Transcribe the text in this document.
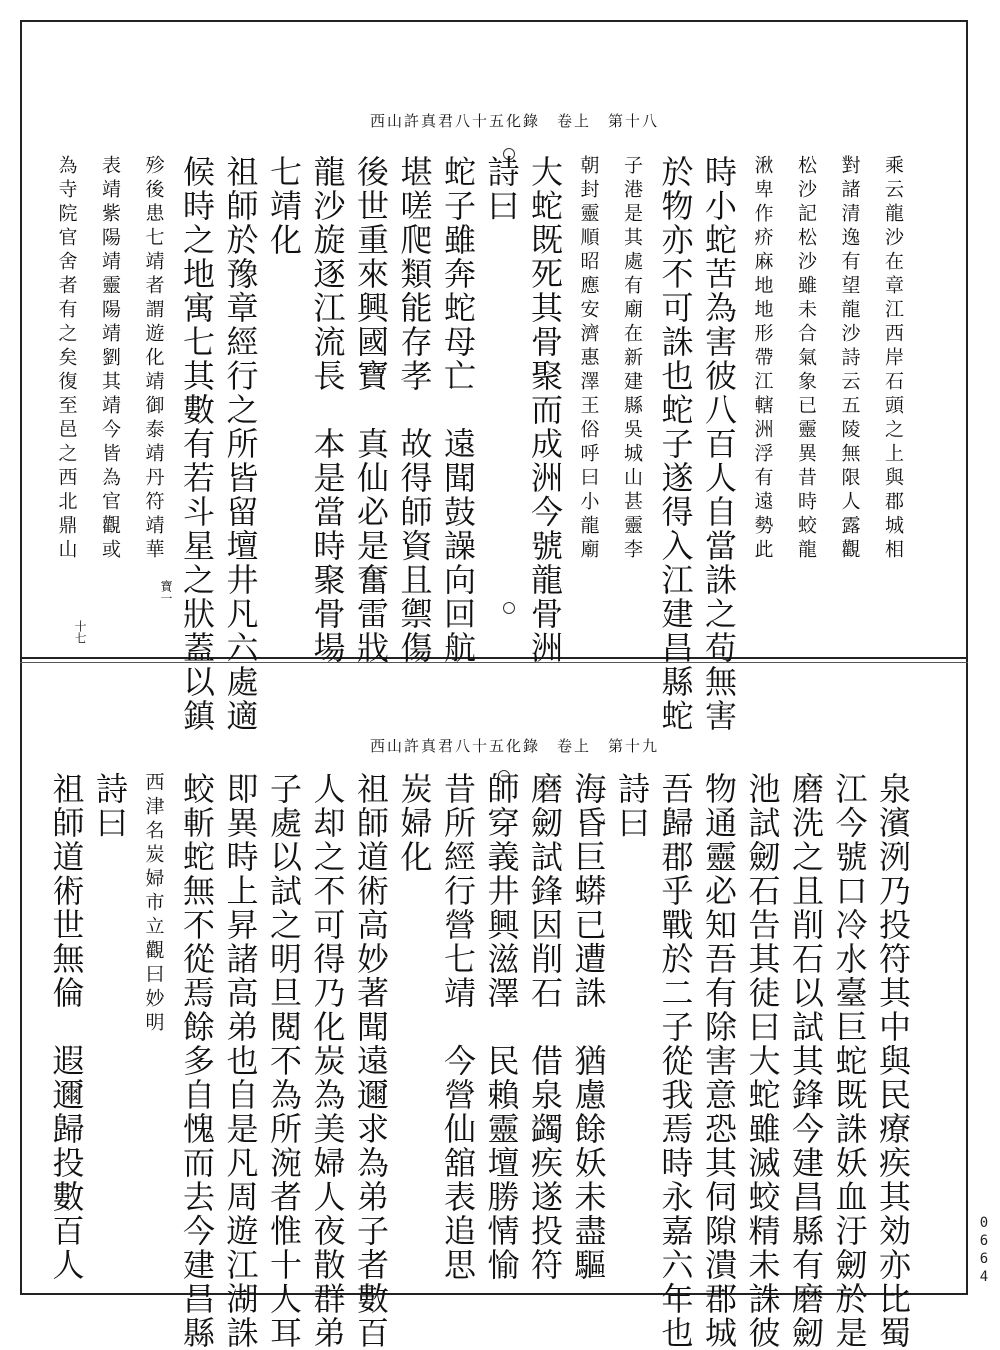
西山許真君八十五化錄　卷上　第十八
乘云龍沙在章江西岸石頭之上與郡城相
對諸清逸有望龍沙詩云五陵無限人露觀
松沙記松沙雖未合氣象已靈異昔時蛟龍
湫卑作疥麻地地形帶江轄洲浮有遠勢此
時小蛇苦為害彼八百人自當誅之苟無害
於物亦不可誅也蛇子遂得入江建昌縣蛇
子港是其處有廟在新建縣吳城山甚靈李
朝封靈順昭應安濟惠澤王俗呼曰小龍廟
大蛇既死其骨聚而成洲今號龍骨洲
詩曰
蛇子雖奔蛇母亡　遠聞鼓譟向回航
堪嗟爬類能存孝　故得師資且禦傷
後世重來興國寶　真仙必是奮雷戕
龍沙旋逐江流長　本是當時聚骨場
七靖化
祖師於豫章經行之所皆留壇井凡六處適
候時之地寓七其數有若斗星之狀蓋以鎮
殄後患七靖者謂遊化靖御泰靖丹符靖華
表靖紫陽靖靈陽靖劉其靖今皆為官觀或
為寺院官舍者有之矣復至邑之西北鼎山
寶一
十七
西山許真君八十五化錄　卷上　第十九
泉濱洌乃投符其中與民療疾其効亦比蜀
江今號口冷水臺巨蛇既誅妖血汙劒於是
磨洗之且削石以試其鋒今建昌縣有磨劒
池試劒石告其徒曰大蛇雖滅蛟精未誅彼
物通靈必知吾有除害意恐其伺隙潰郡城
吾歸郡乎戰於二子從我焉時永嘉六年也
詩曰
海昏巨蟒已遭誅　猶慮餘妖未盡驅
磨劒試鋒因削石　借泉蠲疾遂投符
師穿義井興滋澤　民賴靈壇勝情愉
昔所經行營七靖　今營仙舘表追思
炭婦化
祖師道術高妙著聞遠邇求為弟子者數百
人却之不可得乃化炭為美婦人夜散群弟
子處以試之明旦閱不為所涴者惟十人耳
即異時上昇諸高弟也自是凡周遊江湖誅
蛟斬蛇無不從焉餘多自愧而去今建昌縣
西津名炭婦市立觀曰妙明
詩曰
祖師道術世無倫　遐邇歸投數百人	0664
